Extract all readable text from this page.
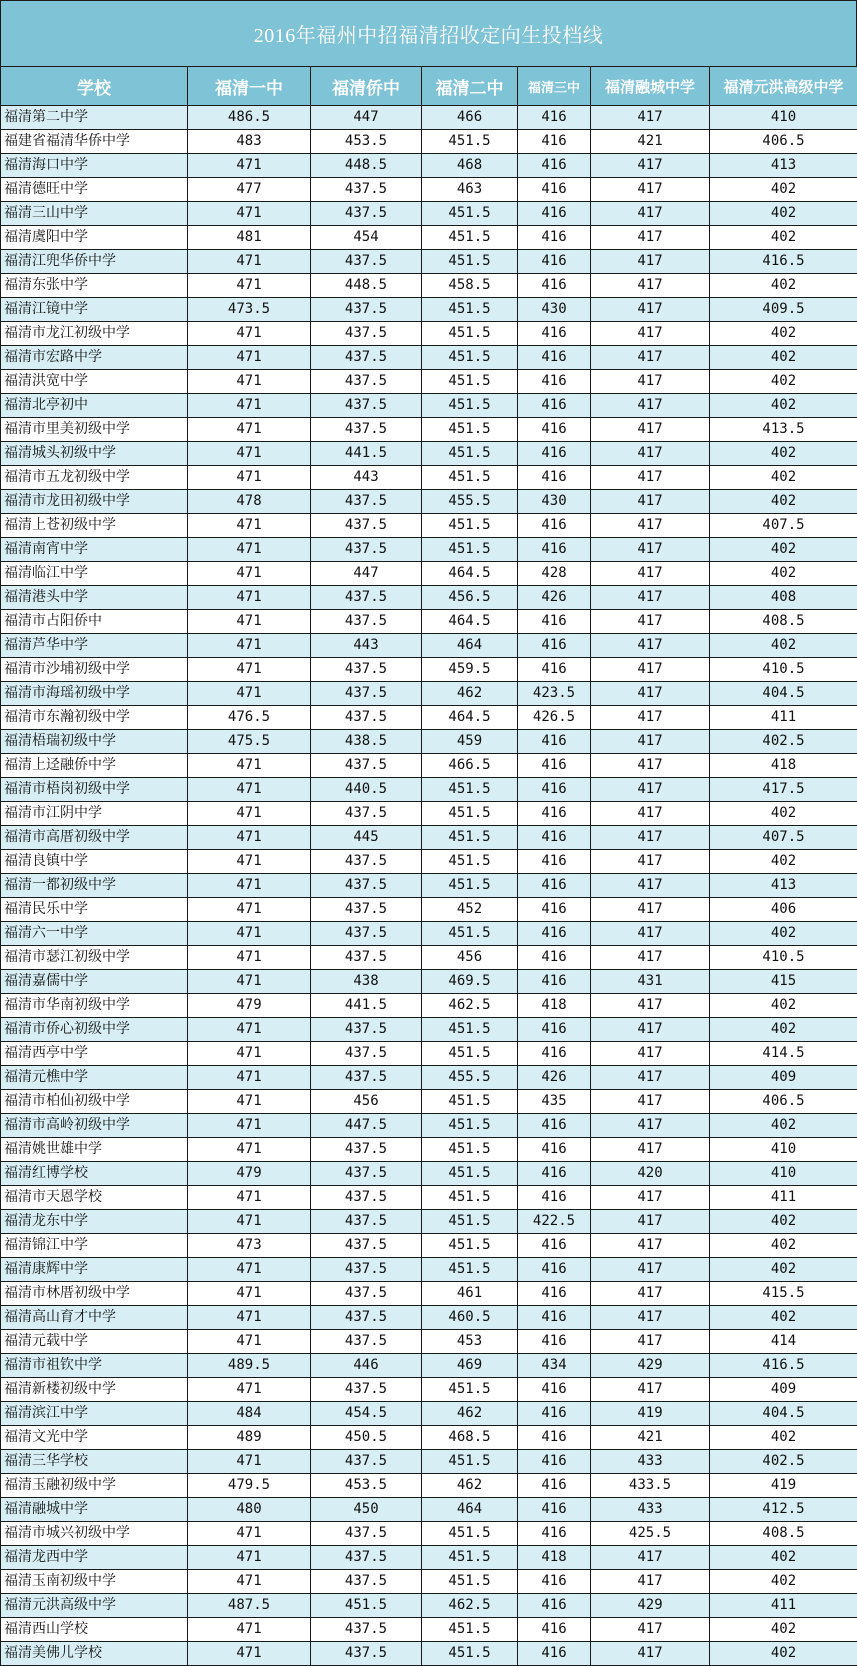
2016年福州中招福清招收定向生投档线
学校	福清一中	福清侨中	福清二中	福清三中	福清融城中学	福清元洪高级中学
福清第二中学	486.5	447	466	416	417	410
福建省福清华侨中学	483	453.5	451.5	416	421	406.5
福清海口中学	471	448.5	468	416	417	413
福清德旺中学	477	437.5	463	416	417	402
福清三山中学	471	437.5	451.5	416	417	402
福清虞阳中学	481	454	451.5	416	417	402
福清江兜华侨中学	471	437.5	451.5	416	417	416.5
福清东张中学	471	448.5	458.5	416	417	402
福清江镜中学	473.5	437.5	451.5	430	417	409.5
福清市龙江初级中学	471	437.5	451.5	416	417	402
福清市宏路中学	471	437.5	451.5	416	417	402
福清洪宽中学	471	437.5	451.5	416	417	402
福清北亭初中	471	437.5	451.5	416	417	402
福清市里美初级中学	471	437.5	451.5	416	417	413.5
福清城头初级中学	471	441.5	451.5	416	417	402
福清市五龙初级中学	471	443	451.5	416	417	402
福清市龙田初级中学	478	437.5	455.5	430	417	402
福清上苍初级中学	471	437.5	451.5	416	417	407.5
福清南宵中学	471	437.5	451.5	416	417	402
福清临江中学	471	447	464.5	428	417	402
福清港头中学	471	437.5	456.5	426	417	408
福清市占阳侨中	471	437.5	464.5	416	417	408.5
福清芦华中学	471	443	464	416	417	402
福清市沙埔初级中学	471	437.5	459.5	416	417	410.5
福清市海瑶初级中学	471	437.5	462	423.5	417	404.5
福清市东瀚初级中学	476.5	437.5	464.5	426.5	417	411
福清梧瑞初级中学	475.5	438.5	459	416	417	402.5
福清上迳融侨中学	471	437.5	466.5	416	417	418
福清市梧岗初级中学	471	440.5	451.5	416	417	417.5
福清市江阴中学	471	437.5	451.5	416	417	402
福清市高厝初级中学	471	445	451.5	416	417	407.5
福清良镇中学	471	437.5	451.5	416	417	402
福清一都初级中学	471	437.5	451.5	416	417	413
福清民乐中学	471	437.5	452	416	417	406
福清六一中学	471	437.5	451.5	416	417	402
福清市瑟江初级中学	471	437.5	456	416	417	410.5
福清嘉儒中学	471	438	469.5	416	431	415
福清市华南初级中学	479	441.5	462.5	418	417	402
福清市侨心初级中学	471	437.5	451.5	416	417	402
福清西亭中学	471	437.5	451.5	416	417	414.5
福清元樵中学	471	437.5	455.5	426	417	409
福清市柏仙初级中学	471	456	451.5	435	417	406.5
福清市高岭初级中学	471	447.5	451.5	416	417	402
福清姚世雄中学	471	437.5	451.5	416	417	410
福清红博学校	479	437.5	451.5	416	420	410
福清市天恩学校	471	437.5	451.5	416	417	411
福清龙东中学	471	437.5	451.5	422.5	417	402
福清锦江中学	473	437.5	451.5	416	417	402
福清康辉中学	471	437.5	451.5	416	417	402
福清市林厝初级中学	471	437.5	461	416	417	415.5
福清高山育才中学	471	437.5	460.5	416	417	402
福清元载中学	471	437.5	453	416	417	414
福清市祖钦中学	489.5	446	469	434	429	416.5
福清新楼初级中学	471	437.5	451.5	416	417	409
福清滨江中学	484	454.5	462	416	419	404.5
福清文光中学	489	450.5	468.5	416	421	402
福清三华学校	471	437.5	451.5	416	433	402.5
福清玉融初级中学	479.5	453.5	462	416	433.5	419
福清融城中学	480	450	464	416	433	412.5
福清市城兴初级中学	471	437.5	451.5	416	425.5	408.5
福清龙西中学	471	437.5	451.5	418	417	402
福清玉南初级中学	471	437.5	451.5	416	417	402
福清元洪高级中学	487.5	451.5	462.5	416	429	411
福清西山学校	471	437.5	451.5	416	417	402
福清美佛儿学校	471	437.5	451.5	416	417	402
